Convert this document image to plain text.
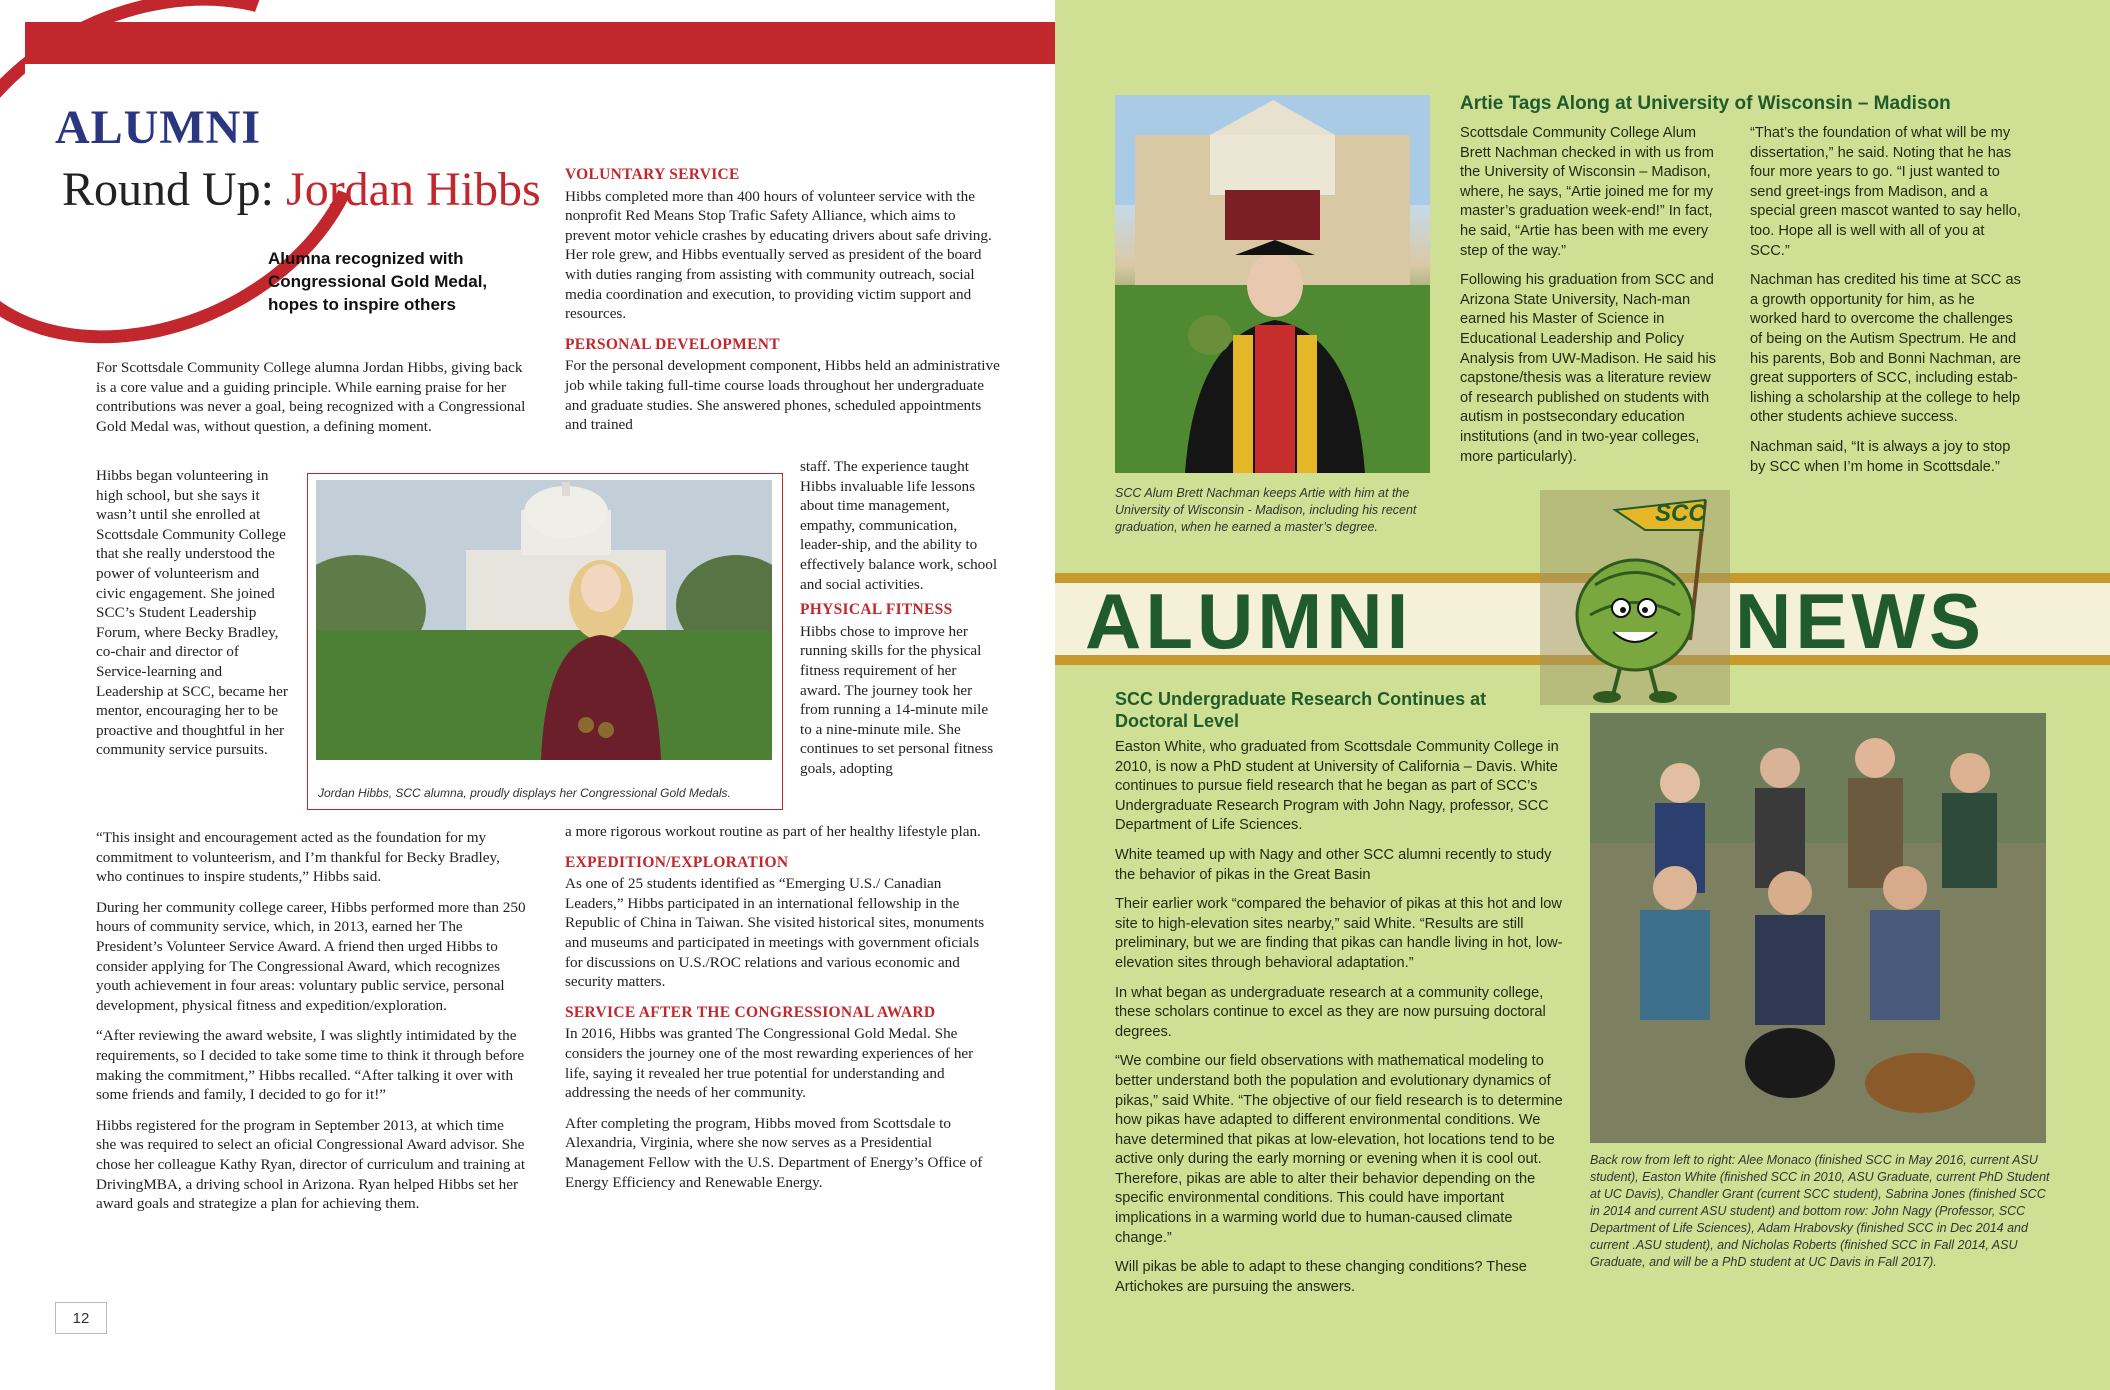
ALUMNI
Round Up: Jordan Hibbs
Alumna recognized with Congressional Gold Medal, hopes to inspire others

For Scottsdale Community College alumna Jordan Hibbs, giving back is a core value and a guiding principle. While earning praise for her contributions was never a goal, being recognized with a Congressional Gold Medal was, without question, a defining moment.

Hibbs began volunteering in high school, but she says it wasn’t until she enrolled at Scottsdale Community College that she really understood the power of volunteerism and civic engagement. She joined SCC’s Student Leadership Forum, where Becky Bradley, co-chair and director of Service-learning and Leadership at SCC, became her mentor, encouraging her to be proactive and thoughtful in her community service pursuits.

“This insight and encouragement acted as the foundation for my commitment to volunteerism, and I’m thankful for Becky Bradley, who continues to inspire students,” Hibbs said.

During her community college career, Hibbs performed more than 250 hours of community service, which, in 2013, earned her The President’s Volunteer Service Award. A friend then urged Hibbs to consider applying for The Congressional Award, which recognizes youth achievement in four areas: voluntary public service, personal development, physical fitness and expedition/exploration.

“After reviewing the award website, I was slightly intimidated by the requirements, so I decided to take some time to think it through before making the commitment,” Hibbs recalled. “After talking it over with some friends and family, I decided to go for it!”

Hibbs registered for the program in September 2013, at which time she was required to select an oficial Congressional Award advisor. She chose her colleague Kathy Ryan, director of curriculum and training at DrivingMBA, a driving school in Arizona. Ryan helped Hibbs set her award goals and strategize a plan for achieving them.

Jordan Hibbs, SCC alumna, proudly displays her Congressional Gold Medals.
VOLUNTARY SERVICE

Hibbs completed more than 400 hours of volunteer service with the nonprofit Red Means Stop Trafic Safety Alliance, which aims to prevent motor vehicle crashes by educating drivers about safe driving. Her role grew, and Hibbs eventually served as president of the board with duties ranging from assisting with community outreach, social media coordination and execution, to providing victim support and resources.

PERSONAL DEVELOPMENT

For the personal development component, Hibbs held an administrative job while taking full-time course loads throughout her undergraduate and graduate studies. She answered phones, scheduled appointments and trained

staff. The experience taught Hibbs invaluable life lessons about time management, empathy, communication, leader-ship, and the ability to effectively balance work, school and social activities.

PHYSICAL FITNESS

Hibbs chose to improve her running skills for the physical fitness requirement of her award. The journey took her from running a 14-minute mile to a nine-minute mile. She continues to set personal fitness goals, adopting

a more rigorous workout routine as part of her healthy lifestyle plan.

EXPEDITION/EXPLORATION

As one of 25 students identified as “Emerging U.S./ Canadian Leaders,” Hibbs participated in an international fellowship in the Republic of China in Taiwan. She visited historical sites, monuments and museums and participated in meetings with government oficials for discussions on U.S./ROC relations and various economic and security matters.

SERVICE AFTER THE CONGRESSIONAL AWARD

In 2016, Hibbs was granted The Congressional Gold Medal. She considers the journey one of the most rewarding experiences of her life, saying it revealed her true potential for understanding and addressing the needs of her community.

After completing the program, Hibbs moved from Scottsdale to Alexandria, Virginia, where she now serves as a Presidential Management Fellow with the U.S. Department of Energy’s Office of Energy Efficiency and Renewable Energy.

12
SCC Alum Brett Nachman keeps Artie with him at the University of Wisconsin - Madison, including his recent graduation, when he earned a master’s degree.
Artie Tags Along at University of Wisconsin – Madison

Scottsdale Community College Alum Brett Nachman checked in with us from the University of Wisconsin – Madison, where, he says, “Artie joined me for my master’s graduation week-end!” In fact, he said, “Artie has been with me every step of the way.”

Following his graduation from SCC and Arizona State University, Nach-man earned his Master of Science in Educational Leadership and Policy Analysis from UW-Madison. He said his capstone/thesis was a literature review of research published on students with autism in postsecondary education institutions (and in two-year colleges, more particularly).

“That’s the foundation of what will be my dissertation,” he said. Noting that he has four more years to go. “I just wanted to send greet-ings from Madison, and a special green mascot wanted to say hello, too. Hope all is well with all of you at SCC.”

Nachman has credited his time at SCC as a growth opportunity for him, as he worked hard to overcome the challenges of being on the Autism Spectrum. He and his parents, Bob and Bonni Nachman, are great supporters of SCC, including estab-lishing a scholarship at the college to help other students achieve success.

Nachman said, “It is always a joy to stop by SCC when I’m home in Scottsdale.”

ALUMNI	NEWS
SCC
SCC Undergraduate Research Continues at Doctoral Level

Easton White, who graduated from Scottsdale Community College in 2010, is now a PhD student at University of California – Davis. White continues to pursue field research that he began as part of SCC’s Undergraduate Research Program with John Nagy, professor, SCC Department of Life Sciences.

White teamed up with Nagy and other SCC alumni recently to study the behavior of pikas in the Great Basin

Their earlier work “compared the behavior of pikas at this hot and low site to high-elevation sites nearby,” said White. “Results are still preliminary, but we are finding that pikas can handle living in hot, low-elevation sites through behavioral adaptation.”

In what began as undergraduate research at a community college, these scholars continue to excel as they are now pursuing doctoral degrees.

“We combine our field observations with mathematical modeling to better understand both the population and evolutionary dynamics of pikas,” said White. “The objective of our field research is to determine how pikas have adapted to different environmental conditions. We have determined that pikas at low-elevation, hot locations tend to be active only during the early morning or evening when it is cool out. Therefore, pikas are able to alter their behavior depending on the specific environmental conditions. This could have important implications in a warming world due to human-caused climate change.”

Will pikas be able to adapt to these changing conditions? These Artichokes are pursuing the answers.

Back row from left to right: Alee Monaco (finished SCC in May 2016, current ASU student), Easton White (finished SCC in 2010, ASU Graduate, current PhD Student at UC Davis), Chandler Grant (current SCC student), Sabrina Jones (finished SCC in 2014 and current ASU student) and bottom row: John Nagy (Professor, SCC Department of Life Sciences), Adam Hrabovsky (finished SCC in Dec 2014 and current .ASU student), and Nicholas Roberts (finished SCC in Fall 2014, ASU Graduate, and will be a PhD student at UC Davis in Fall 2017).
